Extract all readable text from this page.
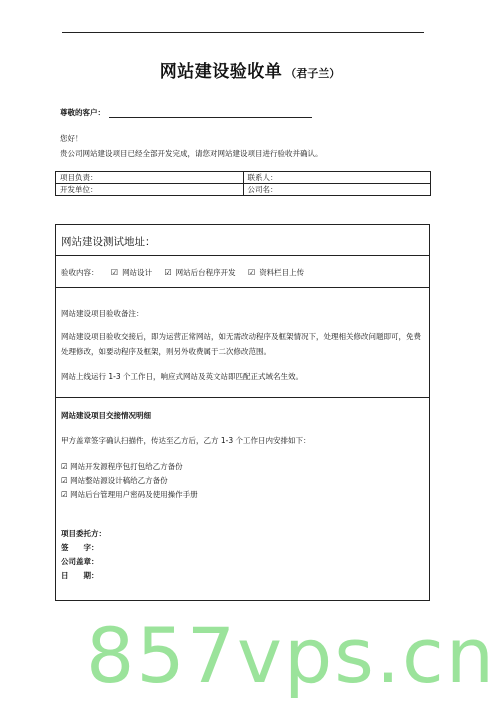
网站建设验收单 （君子兰）
尊敬的客户：
您好！
贵公司网站建设项目已经全部开发完成，请您对网站建设项目进行验收并确认。
项目负责：	联系人：
开发单位：	公司名：
网站建设测试地址：
验收内容： ☑ 网站设计 ☑ 网站后台程序开发 ☑ 资料栏目上传
网站建设项目验收备注：
网站建设项目验收交接后，即为运营正常网站，如无需改动程序及框架情况下，处理相关修改问题即可，免费处理修改，如要动程序及框架，则另外收费属于二次修改范围。
网站上线运行 1-3 个工作日，响应式网站及英文站即匹配正式域名生效。
网站建设项目交接情况明细
甲方盖章签字确认扫描件，传达至乙方后，乙方 1-3 个工作日内安排如下：
☑ 网站开发源程序包打包给乙方备份
☑ 网站整站源设计稿给乙方备份
☑ 网站后台管理用户密码及使用操作手册
项目委托方：
签　　字：
公司盖章：
日　　期：
857vps.cn
